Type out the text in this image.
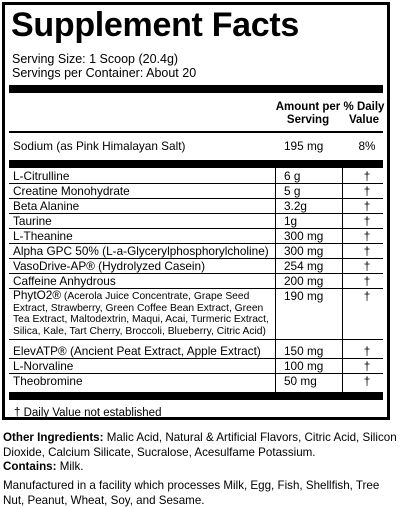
Supplement Facts
Serving Size: 1 Scoop (20.4g)
Servings per Container: About 20
Amount per Serving
% Daily Value
Sodium (as Pink Himalayan Salt)	195 mg	8%
L-Citrulline	6 g	†
Creatine Monohydrate	5 g	†
Beta Alanine	3.2g	†
Taurine	1g	†
L-Theanine	300 mg	†
Alpha GPC 50% (L-a-Glycerylphosphorylcholine) 300 mg	†
VasoDrive-AP® (Hydrolyzed Casein)	254 mg	†
Caffeine Anhydrous	200 mg	†
PhytO2® (Acerola Juice Concentrate, Grape Seed Extract, Strawberry, Green Coffee Bean Extract, Green Tea Extract, Maltodextrin, Maqui, Acai, Turmeric Extract, Silica, Kale, Tart Cherry, Broccoli, Blueberry, Citric Acid)
190 mg	†
ElevATP® (Ancient Peat Extract, Apple Extract) 150 mg	†
L-Norvaline	100 mg	†
Theobromine	50 mg	†
† Daily Value not established
Other Ingredients: Malic Acid, Natural & Artificial Flavors, Citric Acid, Silicon Dioxide, Calcium Silicate, Sucralose, Acesulfame Potassium.
Contains: Milk.
Manufactured in a facility which processes Milk, Egg, Fish, Shellfish, Tree Nut, Peanut, Wheat, Soy, and Sesame.
